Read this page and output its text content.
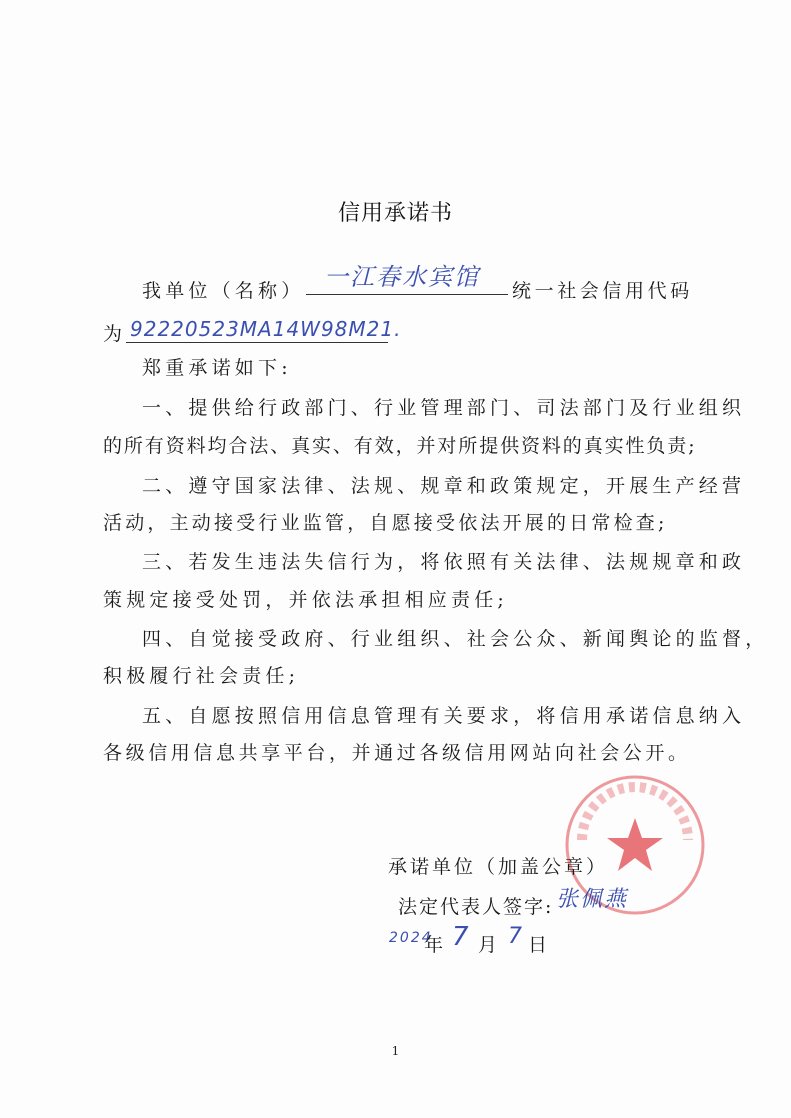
信用承诺书
我单位（名称） 一江春水宾馆 统一社会信用代码
为 92220523MA14W98M21.
郑重承诺如下:
一、提供给行政部门、行业管理部门、司法部门及行业组织
的所有资料均合法、真实、有效，并对所提供资料的真实性负责;
二、遵守国家法律、法规、规章和政策规定，开展生产经营
活动，主动接受行业监管，自愿接受依法开展的日常检查;
三、若发生违法失信行为，将依照有关法律、法规规章和政
策规定接受处罚，并依法承担相应责任;
四、自觉接受政府、行业组织、社会公众、新闻舆论的监督，
积极履行社会责任;
五、自愿按照信用信息管理有关要求，将信用承诺信息纳入
各级信用信息共享平台，并通过各级信用网站向社会公开。
承诺单位（加盖公章）
法定代表人签字: 张佩燕
2024
年 7 月 7 日
1
